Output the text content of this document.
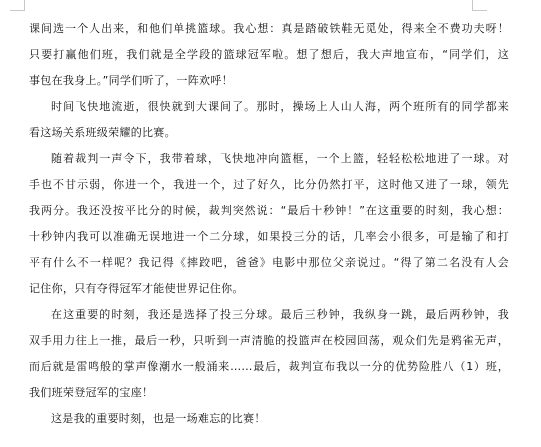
课间选一个人出来，和他们单挑篮球。我心想：真是踏破铁鞋无觅处，得来全不费功夫呀！
只要打赢他们班，我们就是全学段的篮球冠军啦。想了想后，我大声地宣布，“同学们，这
事包在我身上。”同学们听了，一阵欢呼！
时间飞快地流逝，很快就到大课间了。那时，操场上人山人海，两个班所有的同学都来
看这场关系班级荣耀的比赛。
随着裁判一声令下，我带着球，飞快地冲向篮框，一个上篮，轻轻松松地进了一球。对
手也不甘示弱，你进一个，我进一个，过了好久，比分仍然打平，这时他又进了一球，领先
我两分。我还没按平比分的时候，裁判突然说：“最后十秒钟！”在这重要的时刻，我心想：
十秒钟内我可以准确无误地进一个二分球，如果投三分的话，几率会小很多，可是输了和打
平有什么不一样呢？我记得《摔跤吧，爸爸》电影中那位父亲说过。“得了第二名没有人会
记住你，只有夺得冠军才能使世界记住你。
在这重要的时刻，我还是选择了投三分球。最后三秒钟，我纵身一跳，最后两秒钟，我
双手用力往上一推，最后一秒，只听到一声清脆的投篮声在校园回荡，观众们先是鸦雀无声，
而后就是雷鸣般的掌声像潮水一般涌来……最后，裁判宣布我以一分的优势险胜八（1）班，
我们班荣登冠军的宝座！
这是我的重要时刻，也是一场难忘的比赛！
